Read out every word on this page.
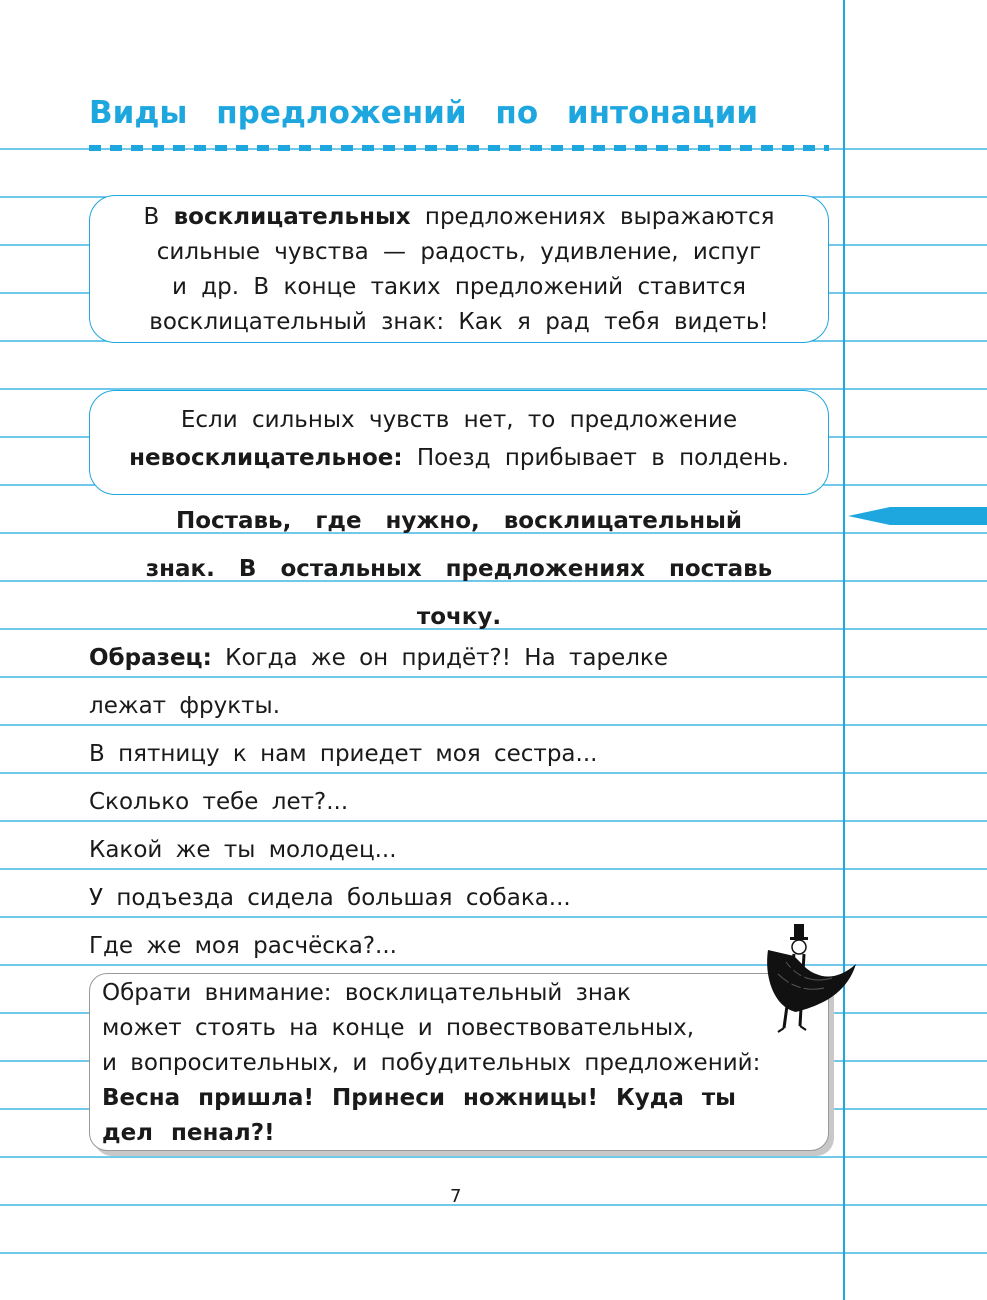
Виды предложений по интонации
В восклицательных предложениях выражаются
сильные чувства — радость, удивление, испуг
и др. В конце таких предложений ставится
восклицательный знак: Как я рад тебя видеть!
Если сильных чувств нет, то предложение
невосклицательное: Поезд прибывает в полдень.
Поставь, где нужно, восклицательный
знак. В остальных предложениях поставь
точку.
Образец: Когда же он придёт?! На тарелке
лежат фрукты.
В пятницу к нам приедет моя сестра...
Сколько тебе лет?...
Какой же ты молодец...
У подъезда сидела большая собака...
Где же моя расчёска?...
Обрати внимание: восклицательный знак
может стоять на конце и повествовательных,
и вопросительных, и побудительных предложений:
Весна пришла! Принеси ножницы! Куда ты
дел пенал?!
7
